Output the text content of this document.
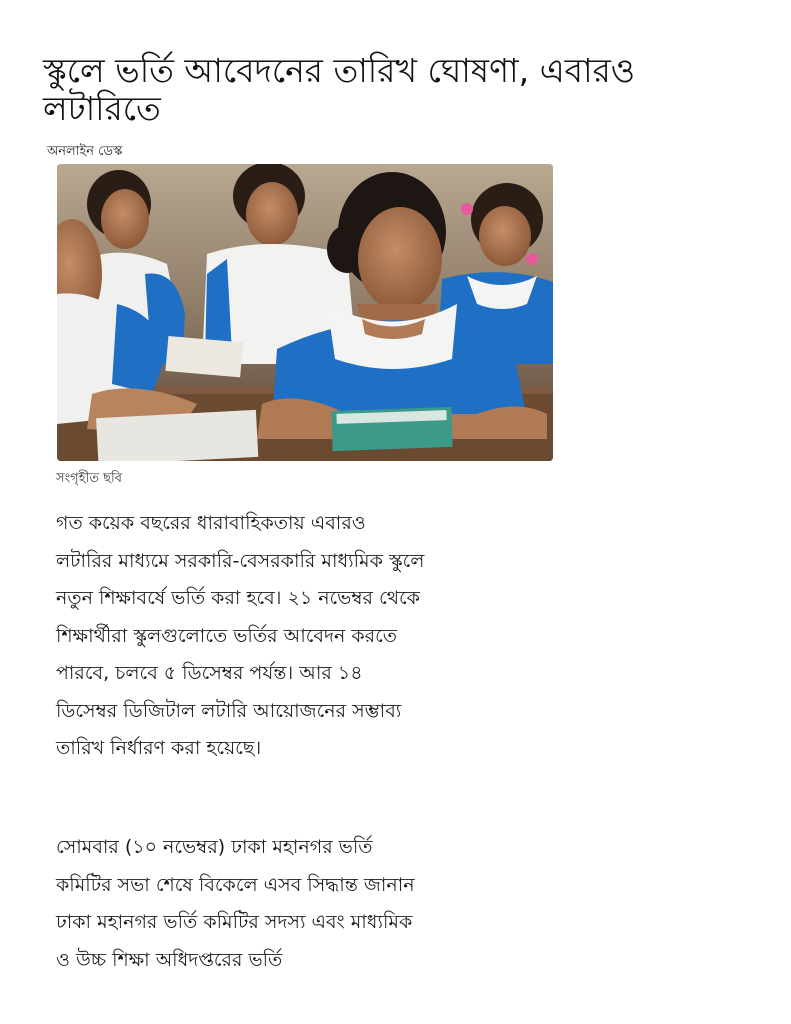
স্কুলে ভর্তি আবেদনের তারিখ ঘোষণা, এবারও লটারিতে

অনলাইন ডেস্ক

সংগৃহীত ছবি

গত কয়েক বছরের ধারাবাহিকতায় এবারও লটারির মাধ্যমে সরকারি-বেসরকারি মাধ্যমিক স্কুলে নতুন শিক্ষাবর্ষে ভর্তি করা হবে। ২১ নভেম্বর থেকে শিক্ষার্থীরা স্কুলগুলোতে ভর্তির আবেদন করতে পারবে, চলবে ৫ ডিসেম্বর পর্যন্ত। আর ১৪ ডিসেম্বর ডিজিটাল লটারি আয়োজনের সম্ভাব্য তারিখ নির্ধারণ করা হয়েছে।

সোমবার (১০ নভেম্বর) ঢাকা মহানগর ভর্তি কমিটির সভা শেষে বিকেলে এসব সিদ্ধান্ত জানান ঢাকা মহানগর ভর্তি কমিটির সদস্য এবং মাধ্যমিক ও উচ্চ শিক্ষা অধিদপ্তরের ভর্তি
